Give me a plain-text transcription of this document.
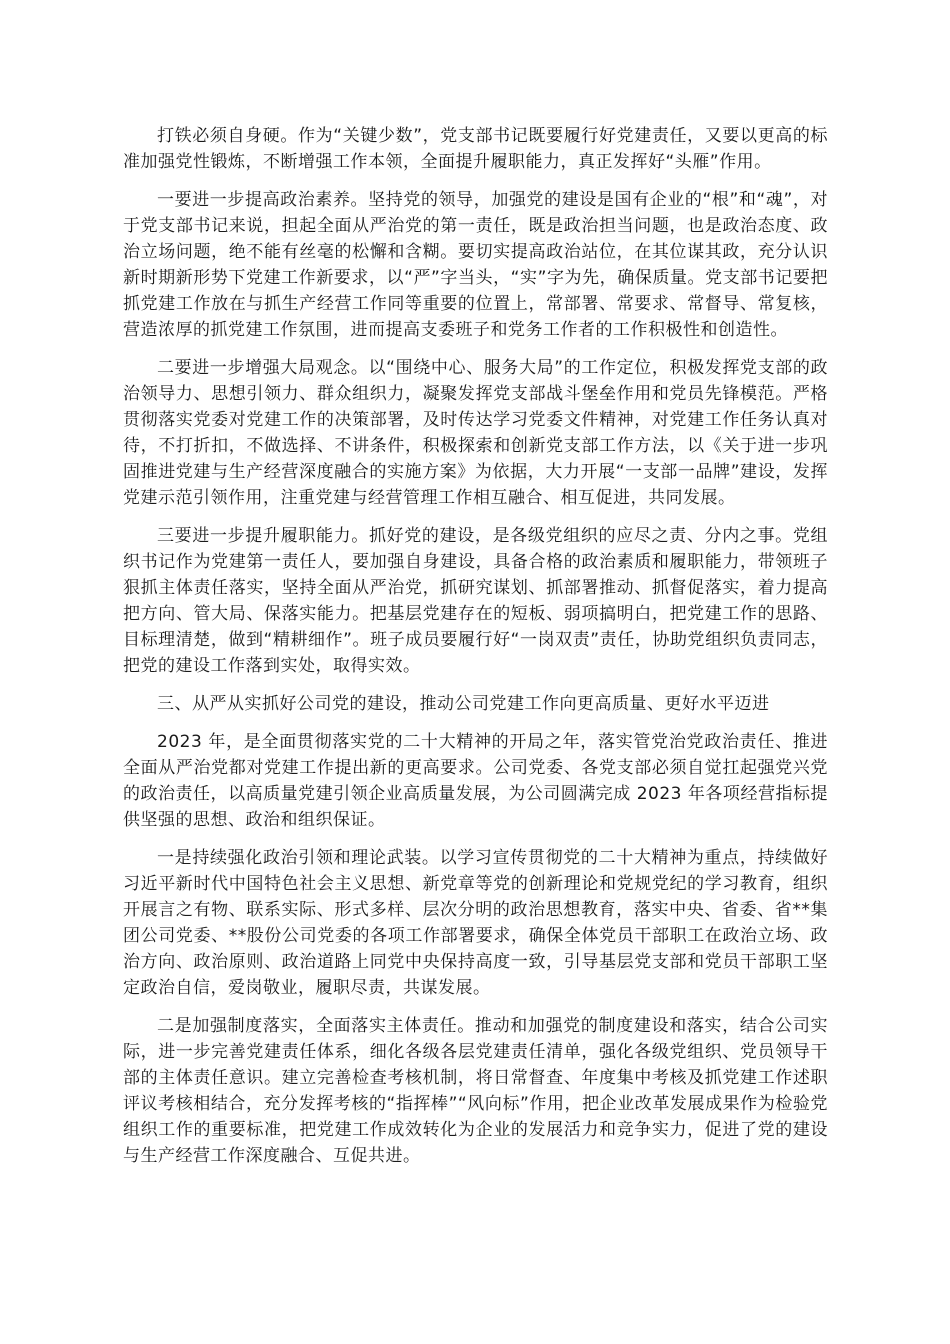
打铁必须自身硬。作为“关键少数”，党支部书记既要履行好党建责任，又要以更高的标准加强党性锻炼，不断增强工作本领，全面提升履职能力，真正发挥好“头雁”作用。

一要进一步提高政治素养。坚持党的领导，加强党的建设是国有企业的“根”和“魂”，对于党支部书记来说，担起全面从严治党的第一责任，既是政治担当问题，也是政治态度、政治立场问题，绝不能有丝毫的松懈和含糊。要切实提高政治站位，在其位谋其政，充分认识新时期新形势下党建工作新要求，以“严”字当头，“实”字为先，确保质量。党支部书记要把抓党建工作放在与抓生产经营工作同等重要的位置上，常部署、常要求、常督导、常复核，营造浓厚的抓党建工作氛围，进而提高支委班子和党务工作者的工作积极性和创造性。

二要进一步增强大局观念。以“围绕中心、服务大局”的工作定位，积极发挥党支部的政治领导力、思想引领力、群众组织力，凝聚发挥党支部战斗堡垒作用和党员先锋模范。严格贯彻落实党委对党建工作的决策部署，及时传达学习党委文件精神，对党建工作任务认真对待，不打折扣，不做选择、不讲条件，积极探索和创新党支部工作方法，以《关于进一步巩固推进党建与生产经营深度融合的实施方案》为依据，大力开展“一支部一品牌”建设，发挥党建示范引领作用，注重党建与经营管理工作相互融合、相互促进，共同发展。

三要进一步提升履职能力。抓好党的建设，是各级党组织的应尽之责、分内之事。党组织书记作为党建第一责任人，要加强自身建设，具备合格的政治素质和履职能力，带领班子狠抓主体责任落实，坚持全面从严治党，抓研究谋划、抓部署推动、抓督促落实，着力提高把方向、管大局、保落实能力。把基层党建存在的短板、弱项搞明白，把党建工作的思路、目标理清楚，做到“精耕细作”。班子成员要履行好“一岗双责”责任，协助党组织负责同志，把党的建设工作落到实处，取得实效。

三、从严从实抓好公司党的建设，推动公司党建工作向更高质量、更好水平迈进

2023 年，是全面贯彻落实党的二十大精神的开局之年，落实管党治党政治责任、推进全面从严治党都对党建工作提出新的更高要求。公司党委、各党支部必须自觉扛起强党兴党的政治责任，以高质量党建引领企业高质量发展，为公司圆满完成 2023 年各项经营指标提供坚强的思想、政治和组织保证。

一是持续强化政治引领和理论武装。以学习宣传贯彻党的二十大精神为重点，持续做好习近平新时代中国特色社会主义思想、新党章等党的创新理论和党规党纪的学习教育，组织开展言之有物、联系实际、形式多样、层次分明的政治思想教育，落实中央、省委、省**集团公司党委、**股份公司党委的各项工作部署要求，确保全体党员干部职工在政治立场、政治方向、政治原则、政治道路上同党中央保持高度一致，引导基层党支部和党员干部职工坚定政治自信，爱岗敬业，履职尽责，共谋发展。

二是加强制度落实，全面落实主体责任。推动和加强党的制度建设和落实，结合公司实际，进一步完善党建责任体系，细化各级各层党建责任清单，强化各级党组织、党员领导干部的主体责任意识。建立完善检查考核机制，将日常督查、年度集中考核及抓党建工作述职评议考核相结合，充分发挥考核的“指挥棒”“风向标”作用，把企业改革发展成果作为检验党组织工作的重要标准，把党建工作成效转化为企业的发展活力和竞争实力，促进了党的建设与生产经营工作深度融合、互促共进。
